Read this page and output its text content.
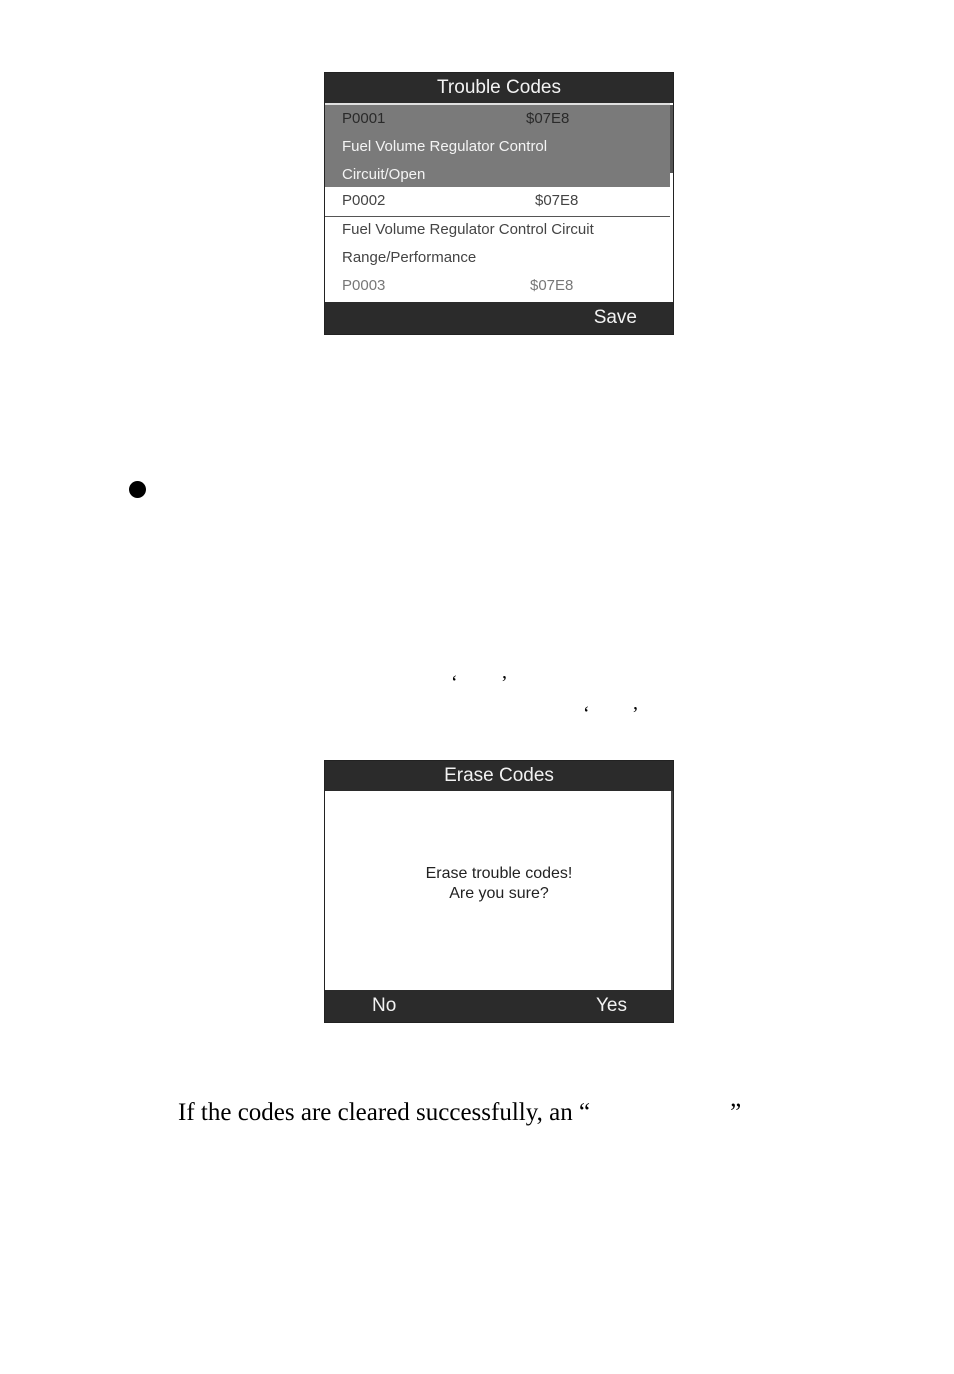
Trouble Codes
P0001	$07E8
Fuel Volume Regulator Control
Circuit/Open
P0002	$07E8
Fuel Volume Regulator Control Circuit
Range/Performance
P0003	$07E8
Save
‘ ’
‘ ’
Erase Codes
Erase trouble codes!
Are you sure?
No	Yes
If the codes are cleared successfully, an “	”
